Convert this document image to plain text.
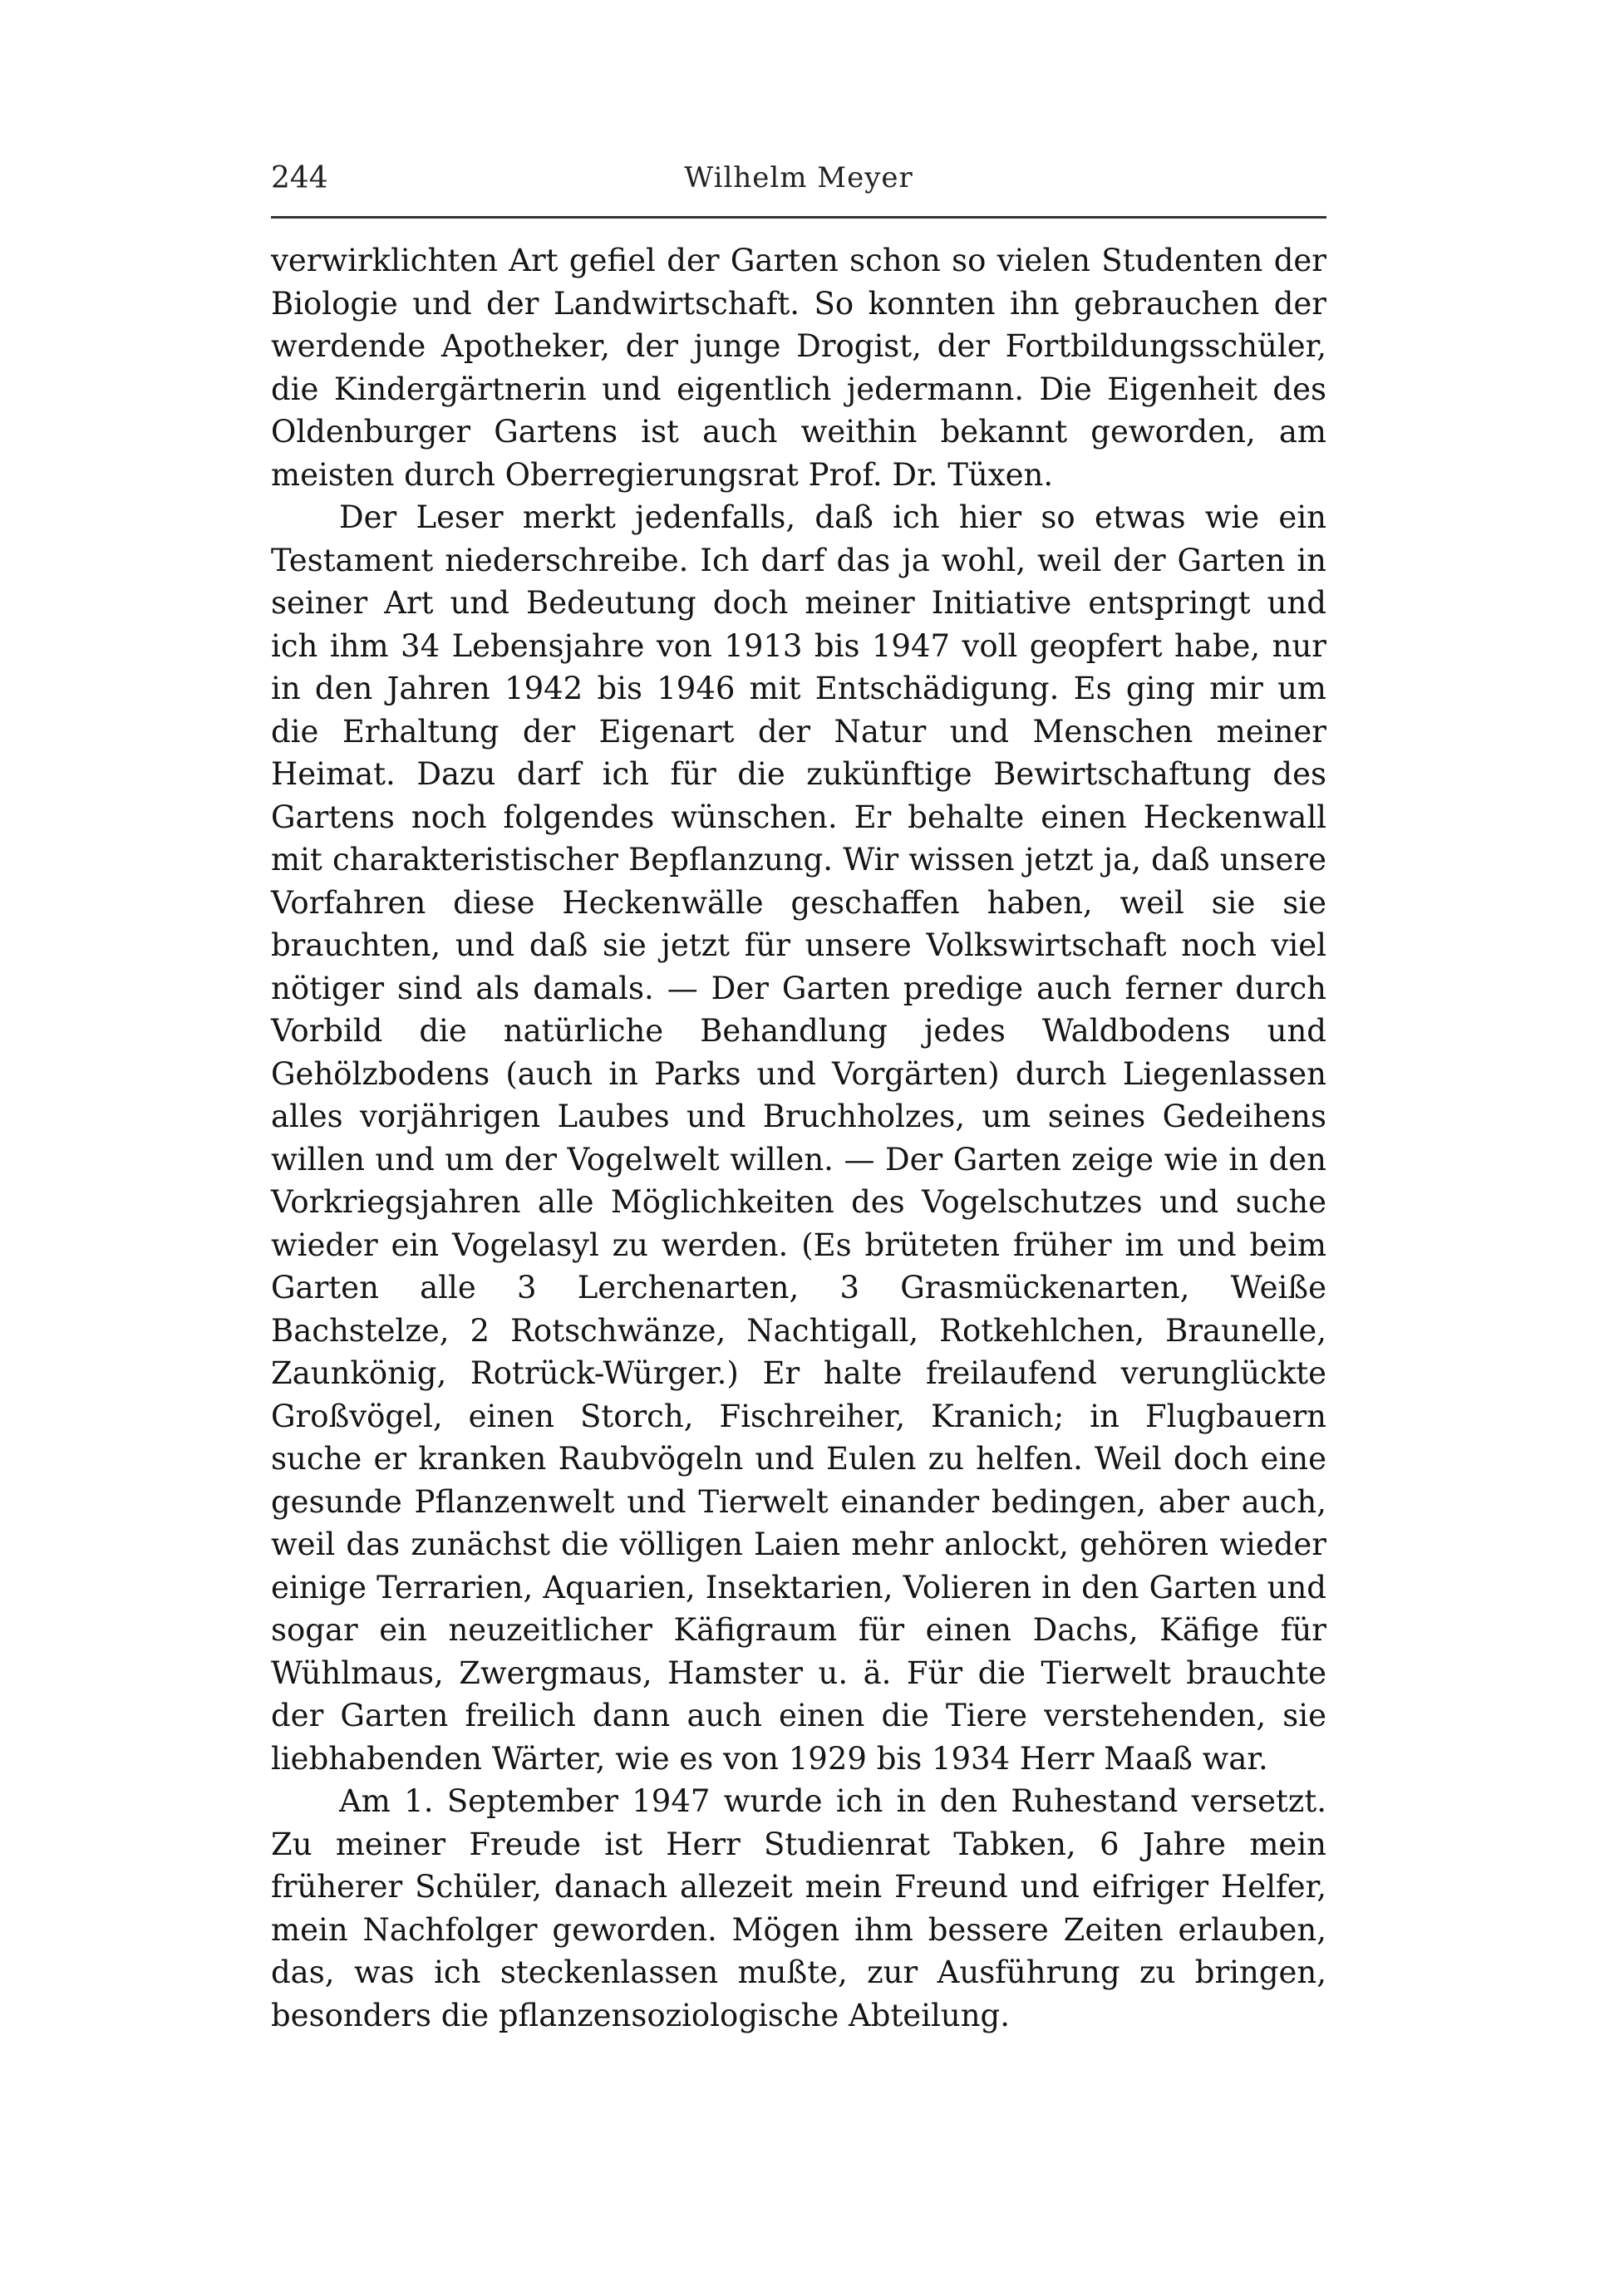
244	Wilhelm Meyer

verwirklichten Art gefiel der Garten schon so vielen Studenten der Biologie und der Landwirtschaft. So konnten ihn gebrauchen der werdende Apotheker, der junge Drogist, der Fortbildungsschüler, die Kindergärtnerin und eigentlich jedermann. Die Eigenheit des Oldenburger Gartens ist auch weithin bekannt geworden, am meisten durch Oberregierungsrat Prof. Dr. Tüxen.

Der Leser merkt jedenfalls, daß ich hier so etwas wie ein Testament niederschreibe. Ich darf das ja wohl, weil der Garten in seiner Art und Bedeutung doch meiner Initiative entspringt und ich ihm 34 Lebensjahre von 1913 bis 1947 voll geopfert habe, nur in den Jahren 1942 bis 1946 mit Entschädigung. Es ging mir um die Erhaltung der Eigenart der Natur und Menschen meiner Heimat. Dazu darf ich für die zukünftige Bewirtschaftung des Gartens noch folgendes wünschen. Er behalte einen Heckenwall mit charakteristischer Bepflanzung. Wir wissen jetzt ja, daß unsere Vorfahren diese Heckenwälle geschaffen haben, weil sie sie brauchten, und daß sie jetzt für unsere Volkswirtschaft noch viel nötiger sind als damals. — Der Garten predige auch ferner durch Vorbild die natürliche Behandlung jedes Waldbodens und Gehölzbodens (auch in Parks und Vorgärten) durch Liegenlassen alles vorjährigen Laubes und Bruchholzes, um seines Gedeihens willen und um der Vogelwelt willen. — Der Garten zeige wie in den Vorkriegsjahren alle Möglichkeiten des Vogelschutzes und suche wieder ein Vogelasyl zu werden. (Es brüteten früher im und beim Garten alle 3 Lerchenarten, 3 Grasmückenarten, Weiße Bachstelze, 2 Rotschwänze, Nachtigall, Rotkehlchen, Braunelle, Zaunkönig, Rotrück-Würger.) Er halte freilaufend verunglückte Großvögel, einen Storch, Fischreiher, Kranich; in Flugbauern suche er kranken Raubvögeln und Eulen zu helfen. Weil doch eine gesunde Pflanzenwelt und Tierwelt einander bedingen, aber auch, weil das zunächst die völligen Laien mehr anlockt, gehören wieder einige Terrarien, Aquarien, Insektarien, Volieren in den Garten und sogar ein neuzeitlicher Käfigraum für einen Dachs, Käfige für Wühlmaus, Zwergmaus, Hamster u. ä. Für die Tierwelt brauchte der Garten freilich dann auch einen die Tiere verstehenden, sie liebhabenden Wärter, wie es von 1929 bis 1934 Herr Maaß war.

Am 1. September 1947 wurde ich in den Ruhestand versetzt. Zu meiner Freude ist Herr Studienrat Tabken, 6 Jahre mein früherer Schüler, danach allezeit mein Freund und eifriger Helfer, mein Nachfolger geworden. Mögen ihm bessere Zeiten erlauben, das, was ich steckenlassen mußte, zur Ausführung zu bringen, besonders die pflanzensoziologische Abteilung.
